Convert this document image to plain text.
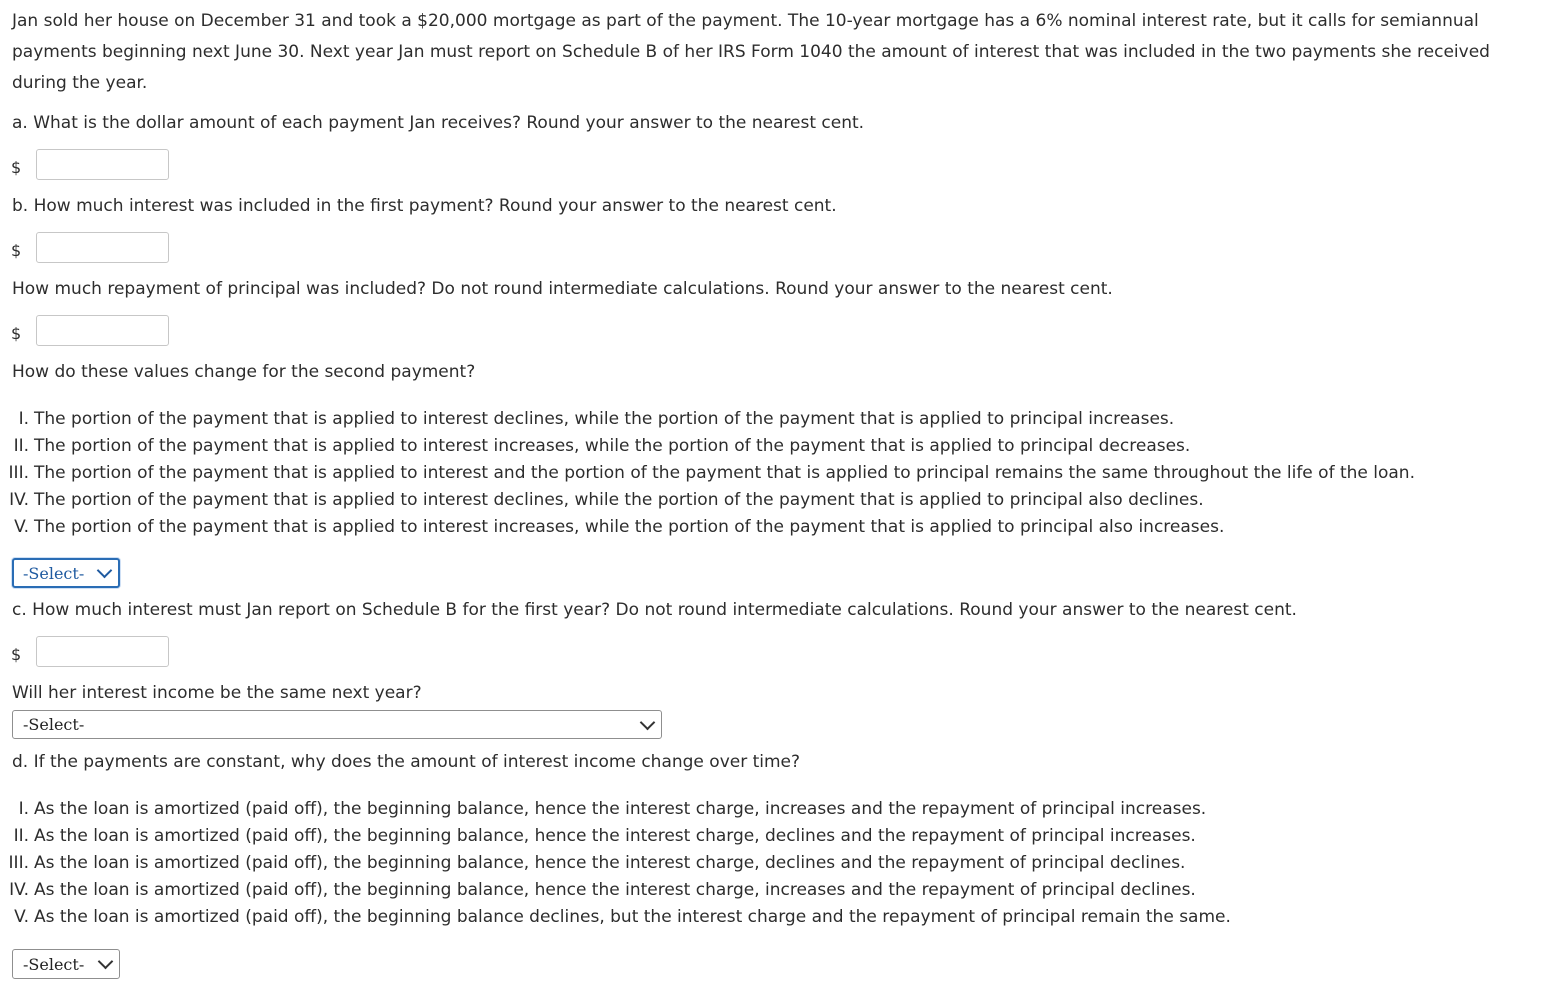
Jan sold her house on December 31 and took a $20,000 mortgage as part of the payment. The 10-year mortgage has a 6% nominal interest rate, but it calls for semiannual payments beginning next June 30. Next year Jan must report on Schedule B of her IRS Form 1040 the amount of interest that was included in the two payments she received during the year.
a. What is the dollar amount of each payment Jan receives? Round your answer to the nearest cent.
$
b. How much interest was included in the first payment? Round your answer to the nearest cent.
$
How much repayment of principal was included? Do not round intermediate calculations. Round your answer to the nearest cent.
$
How do these values change for the second payment?
I. The portion of the payment that is applied to interest declines, while the portion of the payment that is applied to principal increases.
II. The portion of the payment that is applied to interest increases, while the portion of the payment that is applied to principal decreases.
III. The portion of the payment that is applied to interest and the portion of the payment that is applied to principal remains the same throughout the life of the loan.
IV. The portion of the payment that is applied to interest declines, while the portion of the payment that is applied to principal also declines.
V. The portion of the payment that is applied to interest increases, while the portion of the payment that is applied to principal also increases.
-Select-
c. How much interest must Jan report on Schedule B for the first year? Do not round intermediate calculations. Round your answer to the nearest cent.
$
Will her interest income be the same next year?
-Select-
d. If the payments are constant, why does the amount of interest income change over time?
I. As the loan is amortized (paid off), the beginning balance, hence the interest charge, increases and the repayment of principal increases.
II. As the loan is amortized (paid off), the beginning balance, hence the interest charge, declines and the repayment of principal increases.
III. As the loan is amortized (paid off), the beginning balance, hence the interest charge, declines and the repayment of principal declines.
IV. As the loan is amortized (paid off), the beginning balance, hence the interest charge, increases and the repayment of principal declines.
V. As the loan is amortized (paid off), the beginning balance declines, but the interest charge and the repayment of principal remain the same.
-Select-
